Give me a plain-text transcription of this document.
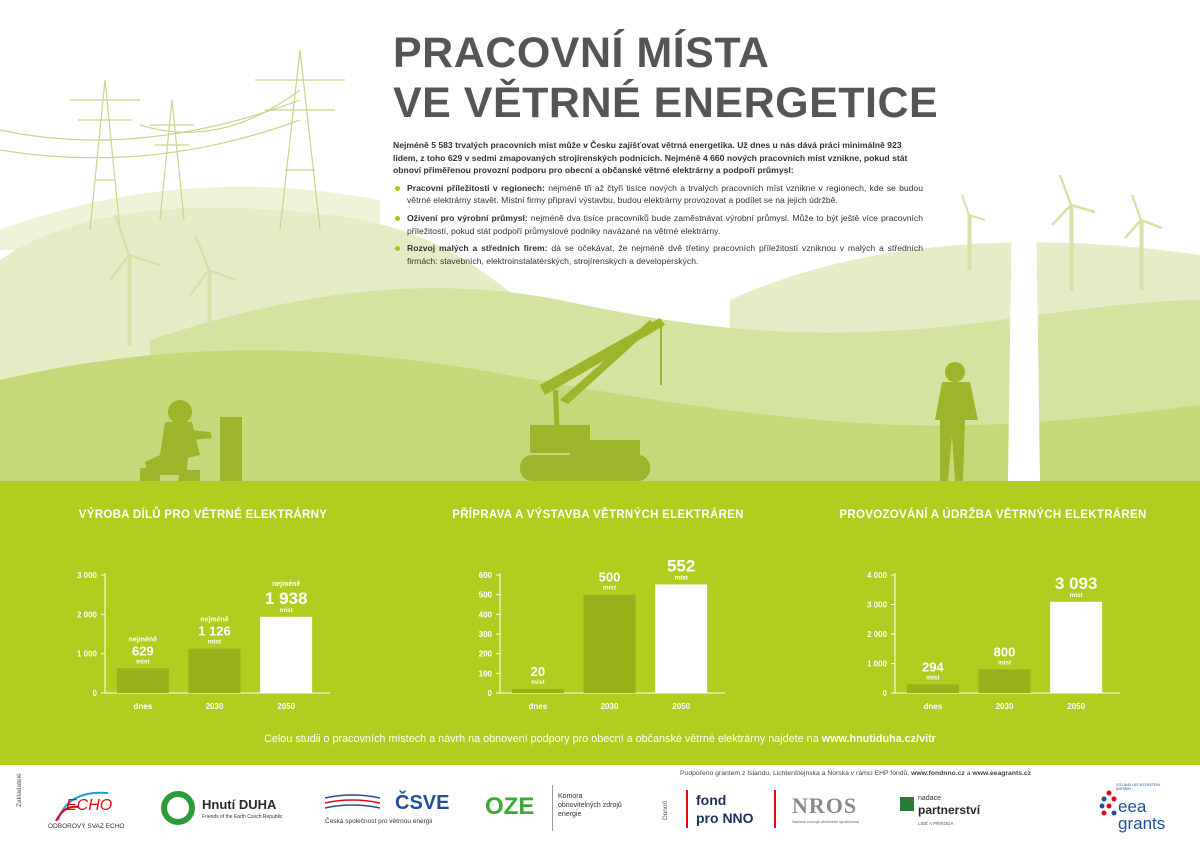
PRACOVNÍ MÍSTA
VE VĚTRNÉ ENERGETICE

Nejméně 5 583 trvalých pracovních míst může v Česku zajišťovat větrná energetika. Už dnes u nás dává práci minimálně 923 lidem, z toho 629 v sedmi zmapovaných strojírenských podnicích. Nejméně 4 660 nových pracovních míst vznikne, pokud stát obnoví přiměřenou provozní podporu pro obecní a občanské větrné elektrárny a podpoří průmysl:

Pracovní příležitosti v regionech: nejméně tři až čtyři tisíce nových a trvalých pracovních míst vznikne v regionech, kde se budou větrné elektrárny stavět. Místní firmy připraví výstavbu, budou elektrárny provozovat a podílet se na jejich údržbě.
Oživení pro výrobní průmysl: nejméně dva tisíce pracovníků bude zaměstnávat výrobní průmysl. Může to být ještě více pracovních příležitostí, pokud stát podpoří průmyslové podniky navázané na větrné elektrárny.
Rozvoj malých a středních firem: dá se očekávat, že nejméně dvě třetiny pracovních příležitostí vzniknou v malých a středních firmách: stavebních, elektroinstalatérských, strojírenských a developerských.
VÝROBA DÍLŮ PRO VĚTRNÉ ELEKTRÁRNY	PŘÍPRAVA A VÝSTAVBA VĚTRNÝCH ELEKTRÁREN	PROVOZOVÁNÍ A ÚDRŽBA VĚTRNÝCH ELEKTRÁREN
0
1 000
2 000
3 000
dnes
míst
629
nejméně
2030
míst
1 126
nejméně
2050
míst
1 938
nejméně
0
100
200
300
400
500
600
dnes
míst
20
2030
míst
500
2050
míst
552
0
1 000
2 000
3 000
4 000
dnes
míst
294
2030
míst
800
2050
míst
3 093
Celou studii o pracovních místech a návrh na obnovení podpory pro obecní a občanské větrné elektrárny najdete na www.hnutiduha.cz/vitr
Zakladatelé	ECHO
ODBOROVÝ SVAZ ECHO
Hnutí DUHA
Friends of the Earth Czech Republic
ČSVE
Česká společnost pro větrnou energii
OZE	Komora
obnovitelných zdrojů
energie
Podpořeno grantem z Islandu, Lichtenštejnska a Norska v rámci EHP fondů. www.fondnno.cz a www.eeagrants.cz
Donoři
fond
pro NNO NROS
Nadace rozvoje občanské společnosti
nadace
partnerství
LIDÉ A PŘÍRODA
ICELAND LIECHTENSTEIN NORWAY
eea
grants
